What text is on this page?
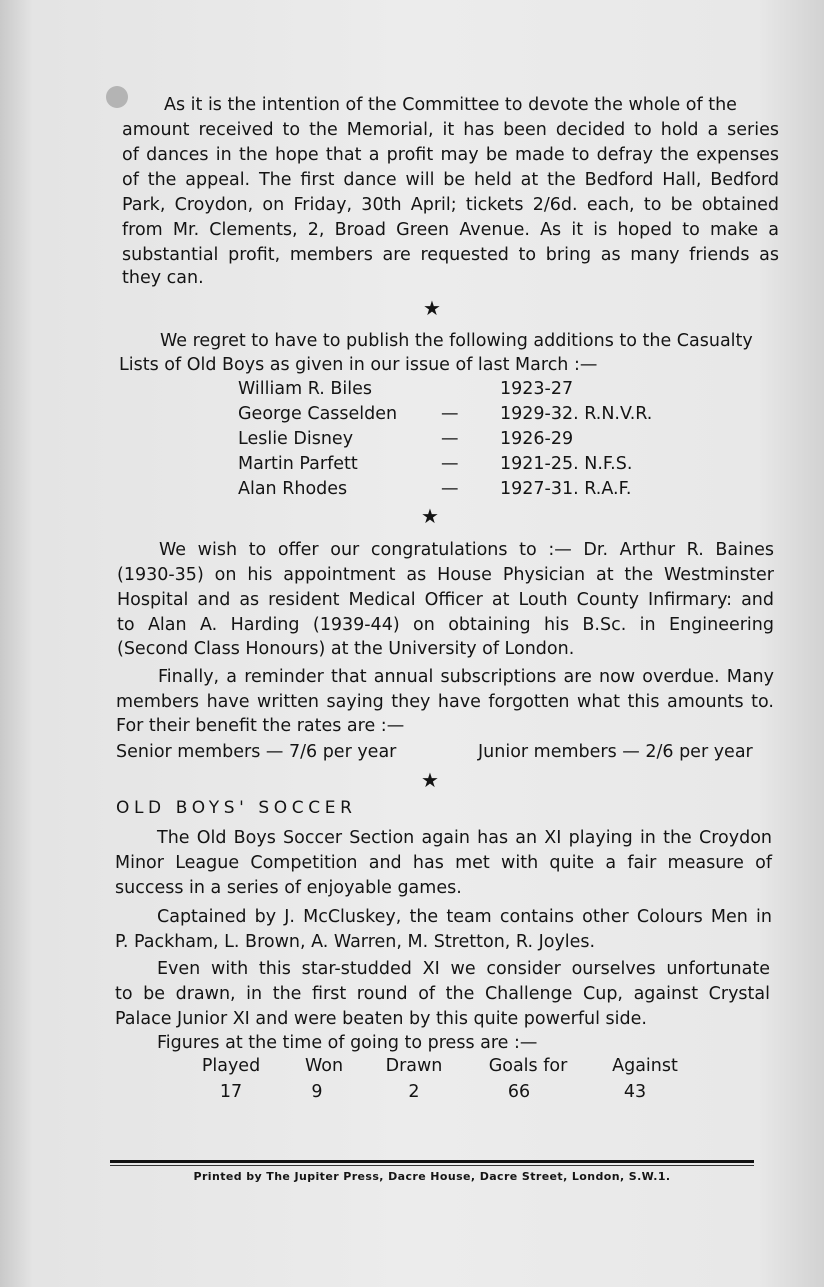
As it is the intention of the Committee to devote the whole of the
amount received to the Memorial, it has been decided to hold a series
of dances in the hope that a profit may be made to defray the expenses
of the appeal. The first dance will be held at the Bedford Hall, Bedford
Park, Croydon, on Friday, 30th April; tickets 2/6d. each, to be obtained
from Mr. Clements, 2, Broad Green Avenue. As it is hoped to make a
substantial profit, members are requested to bring as many friends as
they can.
★
We regret to have to publish the following additions to the Casualty
Lists of Old Boys as given in our issue of last March :—
William R. Biles	1923-27
George Casselden	— 1929-32. R.N.V.R.
Leslie Disney	— 1926-29
Martin Parfett	— 1921-25. N.F.S.
Alan Rhodes	— 1927-31. R.A.F.
★
We wish to offer our congratulations to :— Dr. Arthur R. Baines
(1930-35) on his appointment as House Physician at the Westminster
Hospital and as resident Medical Officer at Louth County Infirmary: and
to Alan A. Harding (1939-44) on obtaining his B.Sc. in Engineering
(Second Class Honours) at the University of London.
Finally, a reminder that annual subscriptions are now overdue. Many
members have written saying they have forgotten what this amounts to.
For their benefit the rates are :—
Senior members — 7/6 per year	Junior members — 2/6 per year
★
OLD BOYS' SOCCER
The Old Boys Soccer Section again has an XI playing in the Croydon
Minor League Competition and has met with quite a fair measure of
success in a series of enjoyable games.
Captained by J. McCluskey, the team contains other Colours Men in
P. Packham, L. Brown, A. Warren, M. Stretton, R. Joyles.
Even with this star-studded XI we consider ourselves unfortunate
to be drawn, in the first round of the Challenge Cup, against Crystal
Palace Junior XI and were beaten by this quite powerful side.
Figures at the time of going to press are :—
Played	Won	Drawn	Goals for	Against
17	9	2	66	43
Printed by The Jupiter Press, Dacre House, Dacre Street, London, S.W.1.
